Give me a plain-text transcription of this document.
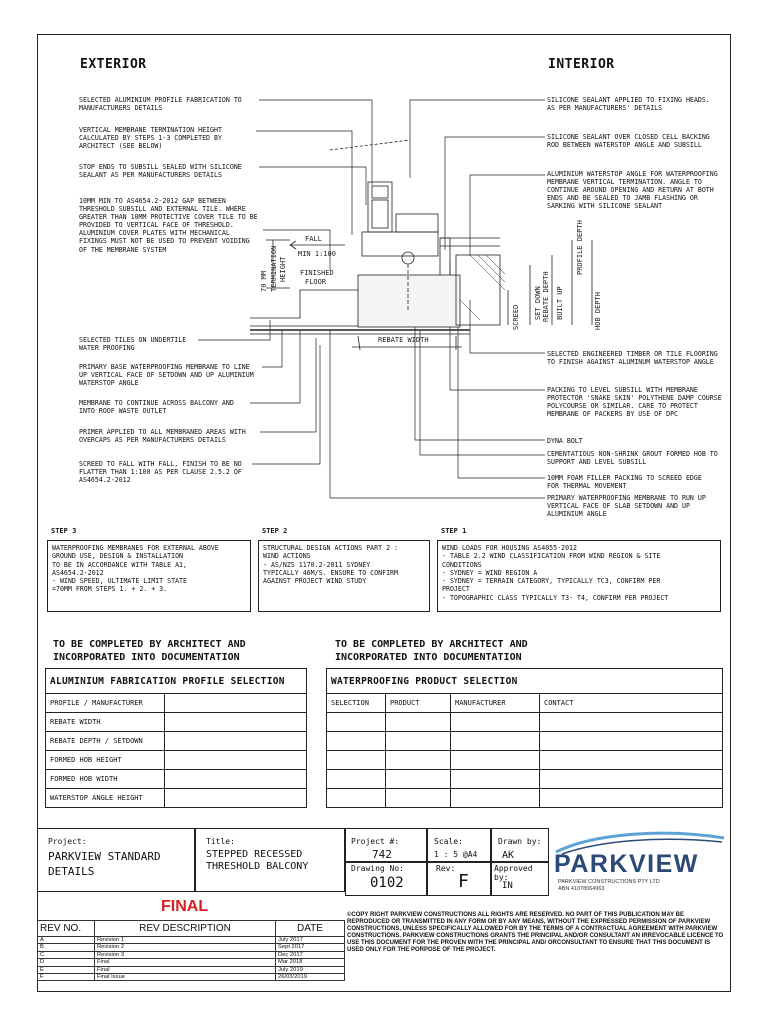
EXTERIOR	INTERIOR
SELECTED ALUMINIUM PROFILE FABRICATION TO MANUFACTURERS DETAILS
VERTICAL MEMBRANE TERMINATION HEIGHT CALCULATED BY STEPS 1-3 COMPLETED BY ARCHITECT (SEE BELOW)
STOP ENDS TO SUBSILL SEALED WITH SILICONE SEALANT AS PER MANUFACTURERS DETAILS
10MM MIN TO AS4654.2-2012 GAP BETWEEN THRESHOLD SUBSILL AND EXTERNAL TILE. WHERE GREATER THAN 10MM PROTECTIVE COVER TILE TO BE PROVIDED TO VERTICAL FACE OF THRESHOLD. ALUMINIUM COVER PLATES WITH MECHANICAL FIXINGS MUST NOT BE USED TO PREVENT VOIDING OF THE MEMBRANE SYSTEM
SELECTED TILES ON UNDERTILE WATER PROOFING
PRIMARY BASE WATERPROOFING MEMBRANE TO LINE UP VERTICAL FACE OF SETDOWN AND UP ALUMINIUM WATERSTOP ANGLE
MEMBRANE TO CONTINUE ACROSS BALCONY AND INTO ROOF WASTE OUTLET
PRIMER APPLIED TO ALL MEMBRANED AREAS WITH OVERCAPS AS PER MANUFACTURERS DETAILS
SCREED TO FALL WITH FALL, FINISH TO BE NO FLATTER THAN 1:100 AS PER CLAUSE 2.5.2 OF AS4654.2-2012
SILICONE SEALANT APPLIED TO FIXING HEADS. AS PER MANUFACTURERS' DETAILS
SILICONE SEALANT OVER CLOSED CELL BACKING ROD BETWEEN WATERSTOP ANGLE AND SUBSILL
ALUMINIUM WATERSTOP ANGLE FOR WATERPROOFING MEMBRANE VERTICAL TERMINATION. ANGLE TO CONTINUE AROUND OPENING AND RETURN AT BOTH ENDS AND BE SEALED TO JAMB FLASHING OR SARKING WITH SILICONE SEALANT
SELECTED ENGINEERED TIMBER OR TILE FLOORING TO FINISH AGAINST ALUMINUM WATERSTOP ANGLE
PACKING TO LEVEL SUBSILL WITH MEMBRANE PROTECTOR 'SNAKE SKIN' POLYTHENE DAMP COURSE POLYCOURSE OR SIMILAR. CARE TO PROTECT MEMBRANE OF PACKERS BY USE OF DPC
DYNA BOLT
CEMENTATIOUS NON-SHRINK GROUT FORMED HOB TO SUPPORT AND LEVEL SUBSILL
10MM FOAM FILLER PACKING TO SCREED EDGE FOR THERMAL MOVEMENT
PRIMARY WATERPROOFING MEMBRANE TO RUN UP VERTICAL FACE OF SLAB SETDOWN AND UP ALUMINIUM ANGLE
FALL
MIN 1:100
FINISHED
FLOOR
REBATE WIDTH
70 MM TERMINATION HEIGHT
SCREED SET DOWN REBATE DEPTH BUILT UP
PROFILE DEPTH
HOB DEPTH
STEP 3	STEP 2	STEP 1
WATERPROOFING MEMBRANES FOR EXTERNAL ABOVE
GROUND USE, DESIGN & INSTALLATION
TO BE IN ACCORDANCE WITH TABLE A1,
AS4654.2-2012
- WIND SPEED, ULTIMATE LIMIT STATE
=70MM FROM STEPS 1. + 2. + 3.
STRUCTURAL DESIGN ACTIONS PART 2 :
WIND ACTIONS
- AS/NZS 1170.2-2011 SYDNEY
TYPICALLY 46M/S. ENSURE TO CONFIRM
AGAINST PROJECT WIND STUDY
WIND LOADS FOR HOUSING AS4055-2012
- TABLE 2.2 WIND CLASSIFICATION FROM WIND REGION & SITE
CONDITIONS
- SYDNEY = WIND REGION A
- SYDNEY = TERRAIN CATEGORY, TYPICALLY TC3, CONFIRM PER
PROJECT
- TOPOGRAPHIC CLASS TYPICALLY T3- T4, CONFIRM PER PROJECT
TO BE COMPLETED BY ARCHITECT AND INCORPORATED INTO DOCUMENTATION
TO BE COMPLETED BY ARCHITECT AND INCORPORATED INTO DOCUMENTATION
ALUMINIUM FABRICATION PROFILE SELECTION	
PROFILE / MANUFACTURER	
REBATE WIDTH	
REBATE DEPTH / SETDOWN	
FORMED HOB HEIGHT	
FORMED HOB WIDTH	
WATERSTOP ANGLE HEIGHT	
WATERPROOFING PRODUCT SELECTION			
SELECTION	PRODUCT	MANUFACTURER	CONTACT

Project:
PARKVIEW STANDARD DETAILS
Title:
STEPPED RECESSED THRESHOLD BALCONY
Project #:
742
Scale:
1 : 5 @A4
Drawn by:
AK
Drawing No:
0102
Rev:
F
Approved by:
IN
PARKVIEW
PARKVIEW CONSTRUCTIONS PTY LTD
ABN 41078064963
FINAL
REV NO.	REV DESCRIPTION	DATE
A	Revision 1	July 2017
B	Revision 2	Sept 2017
C	Revision 3	Dec 2017
D	Final	Mar 2018
E	Final	July 2019
F	Final Issue	26/03/2019
©COPY RIGHT PARKVIEW CONSTRUCTIONS ALL RIGHTS ARE RESERVED. NO PART OF THIS PUBLICATION MAY BE REPRODUCED OR TRANSMITTED IN ANY FORM OR BY ANY MEANS, WITHOUT THE EXPRESSED PERMISSION OF PARKVIEW CONSTRUCTIONS, UNLESS SPECIFICALLY ALLOWED FOR BY THE TERMS OF A CONTRACTUAL AGREEMENT WITH PARKVIEW CONSTRUCTIONS. PARKVIEW CONSTRUCTIONS GRANTS THE PRINCIPAL AND/OR CONSULTANT AN IRREVOCABLE LICENCE TO USE THIS DOCUMENT FOR THE PROVEN WITH THE PRINCIPAL AND/ ORCONSULTANT TO ENSURE THAT THIS DOCUMENT IS USED ONLY FOR THE PORPOSE OF THE PROJECT.
